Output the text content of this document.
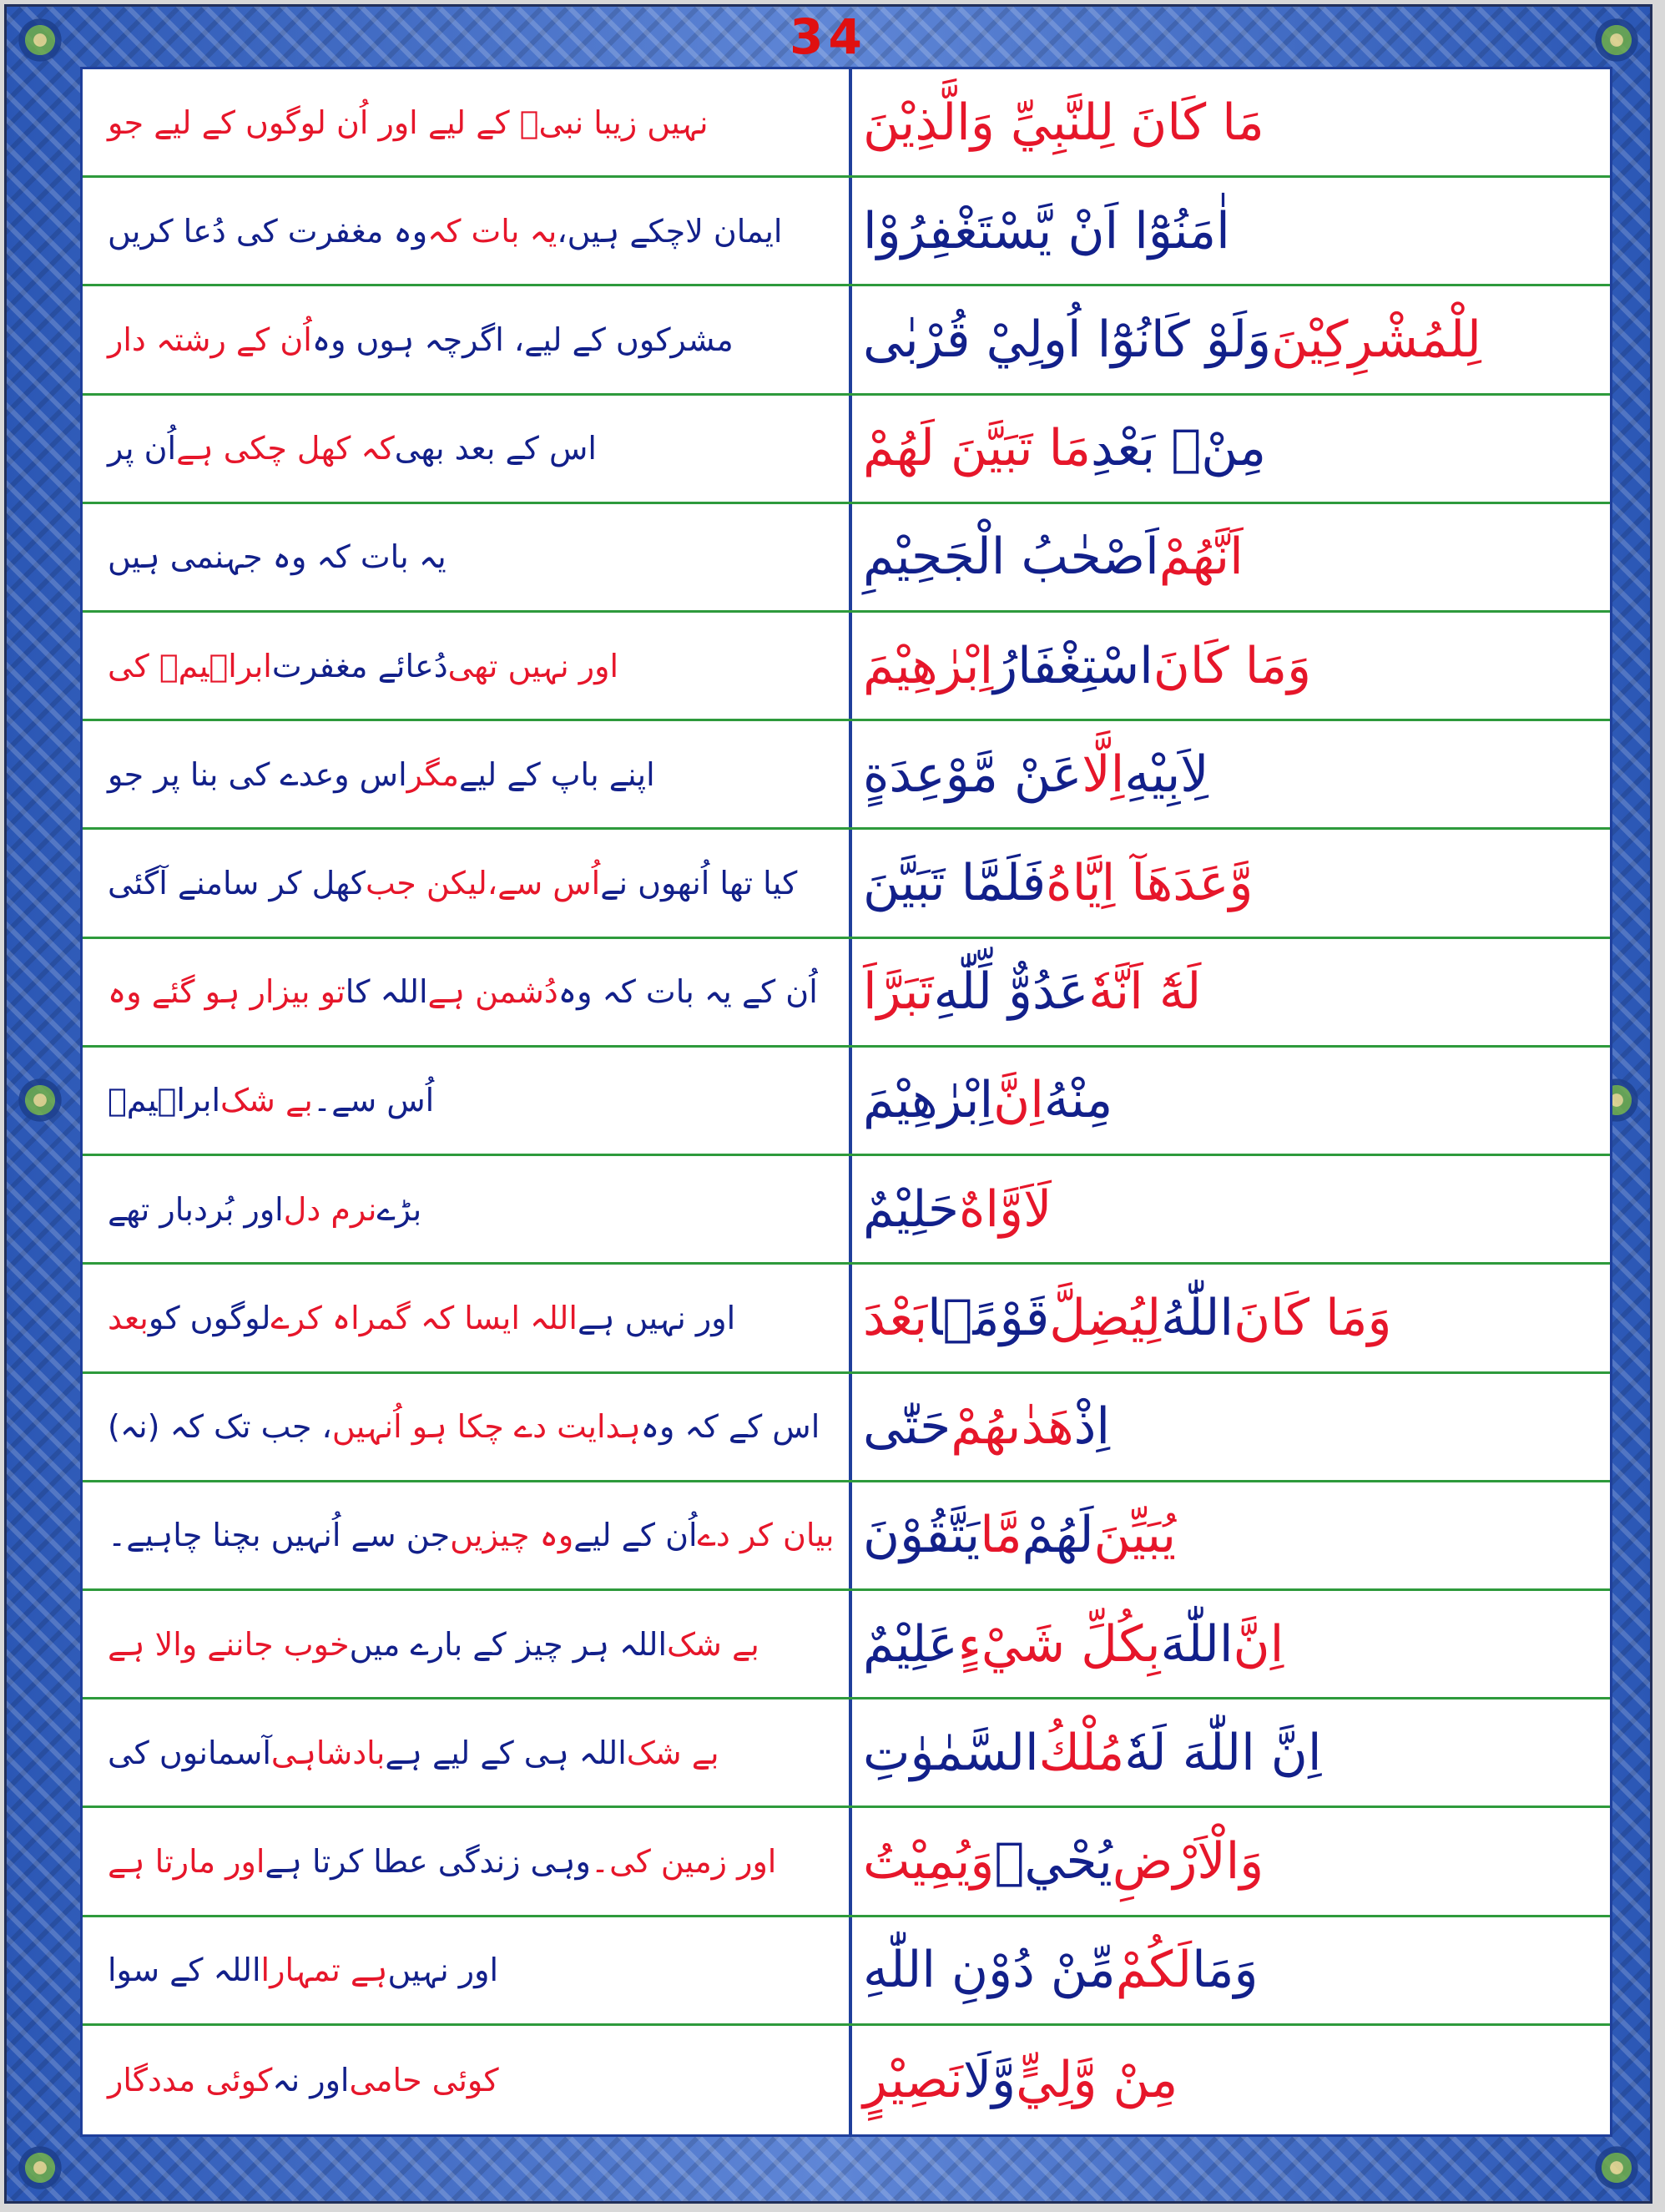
34
مَا كَانَ لِلنَّبِيِّ وَالَّذِيْنَ
نہیں زیبا نبیؐ کے لیے اور اُن لوگوں کے لیے جو
اٰمَنُوْٓا اَنْ يَّسْتَغْفِرُوْا
ایمان لاچکے ہیں،
یہ بات کہ
وہ مغفرت کی دُعا کریں
لِلْمُشْرِكِيْنَ
وَلَوْ كَانُوْٓا اُولِيْ قُرْبٰى
مشرکوں کے لیے، اگرچہ ہوں وہ
اُن کے رشتہ دار
مِنْۢ بَعْدِ
مَا تَبَيَّنَ لَهُمْ
اس کے بعد بھی
کہ کھل چکی ہے
اُن پر
اَنَّهُمْ
اَصْحٰبُ الْجَحِيْمِ
یہ بات کہ وہ جہنمی ہیں
وَمَا كَانَ
اسْتِغْفَارُ
اِبْرٰهِيْمَ
اور نہیں تھی
دُعائے مغفرت
ابراہیمؑ کی
لِاَبِيْهِ
اِلَّا
عَنْ مَّوْعِدَةٍ
اپنے باپ کے لیے
مگر
اس وعدے کی بنا پر جو
وَّعَدَهَآ اِيَّاهُ
فَلَمَّا تَبَيَّنَ
کیا تھا اُنھوں نے
اُس سے،
لیکن جب
کھل کر سامنے آگئی
لَهٗٓ اَنَّهٗ
عَدُوٌّ لِّلّٰهِ
تَبَرَّاَ
اُن کے یہ بات کہ وہ
دُشمن ہے
اللہ کا
تو بیزار ہو گئے وہ
مِنْهُ
اِنَّ
اِبْرٰهِيْمَ
اُس سے۔
بے شک
ابراہیمؑ
لَاَوَّاهٌ
حَلِيْمٌ
بڑے
نرم دل
اور بُردبار تھے
وَمَا كَانَ
اللّٰهُ
لِيُضِلَّ
قَوْمًۢا
بَعْدَ
اور نہیں ہے
اللہ ایسا کہ گمراہ کرے
لوگوں کو
بعد
اِذْ
هَدٰىهُمْ
حَتّٰى
اس کے کہ وہ
ہدایت دے چکا ہو اُنہیں
، جب تک کہ (نہ)
يُبَيِّنَ
لَهُمْ
مَّا
يَتَّقُوْنَ
بیان کر دے
اُن کے لیے
وہ چیزیں
جن سے اُنہیں بچنا چاہیے۔
اِنَّ
اللّٰهَ
بِكُلِّ شَيْءٍ
عَلِيْمٌ
بے شک
اللہ ہر چیز کے بارے میں
خوب جاننے والا ہے
اِنَّ اللّٰهَ لَهٗ
مُلْكُ
السَّمٰوٰتِ
بے شک
اللہ ہی کے لیے ہے
بادشاہی
آسمانوں کی
وَالْاَرْضِ
يُحْيٖ
وَيُمِيْتُ
اور زمین کی۔
وہی زندگی عطا کرتا ہے
اور مارتا ہے
وَمَا
لَكُمْ
مِّنْ دُوْنِ اللّٰهِ
اور نہیں
ہے تمہارا
اللہ کے سوا
مِنْ وَّلِيٍّ
وَّلَا
نَصِيْرٍ
کوئی حامی
اور نہ
کوئی مددگار
